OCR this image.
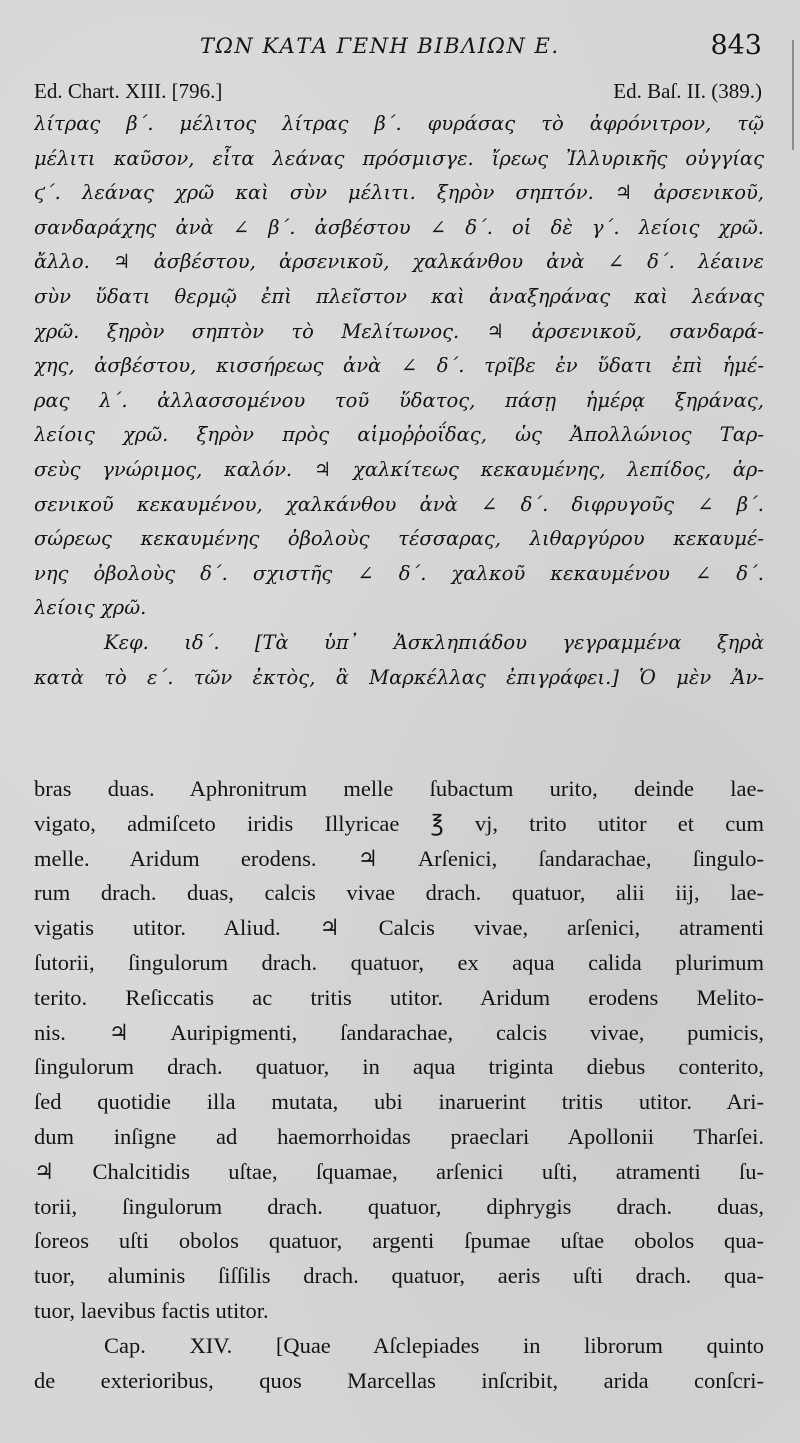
ΤΩΝ ΚΑΤΑ ΓΕΝΗ ΒΙΒΛΙΩΝ Ε.	843
Ed. Chart. XIII. [796.]	Ed. Baſ. II. (389.)
λίτρας β΄. μέλιτος λίτρας β΄. φυράσας τὸ ἀφρόνιτρον, τῷ
μέλιτι καῦσον, εἶτα λεάνας πρόσμισγε. ἴρεως Ἰλλυρικῆς οὐγγίας
ϛ΄. λεάνας χρῶ καὶ σὺν μέλιτι. ξηρὸν σηπτόν. ♃ ἀρσενικοῦ,
σανδαράχης ἀνὰ ∠ β΄. ἀσβέστου ∠ δ΄. οἱ δὲ γ΄. λείοις χρῶ.
ἄλλο. ♃ ἀσβέστου, ἀρσενικοῦ, χαλκάνθου ἀνὰ ∠ δ΄. λέαινε
σὺν ὕδατι θερμῷ ἐπὶ πλεῖστον καὶ ἀναξηράνας καὶ λεάνας
χρῶ. ξηρὸν σηπτὸν τὸ Μελίτωνος. ♃ ἀρσενικοῦ, σανδαρά-
χης, ἀσβέστου, κισσήρεως ἀνὰ ∠ δ΄. τρῖβε ἐν ὕδατι ἐπὶ ἡμέ-
ρας λ΄. ἀλλασσομένου τοῦ ὕδατος, πάσῃ ἡμέρᾳ ξηράνας,
λείοις χρῶ. ξηρὸν πρὸς αἱμοῤῥοΐδας, ὡς Ἀπολλώνιος Ταρ-
σεὺς γνώριμος, καλόν. ♃ χαλκίτεως κεκαυμένης, λεπίδος, ἀρ-
σενικοῦ κεκαυμένου, χαλκάνθου ἀνὰ ∠ δ΄. διφρυγοῦς ∠ β΄.
σώρεως κεκαυμένης ὀβολοὺς τέσσαρας, λιθαργύρου κεκαυμέ-
νης ὀβολοὺς δ΄. σχιστῆς ∠ δ΄. χαλκοῦ κεκαυμένου ∠ δ΄.
λείοις χρῶ.
Κεφ. ιδ΄. [Τὰ ὑπ᾽ Ἀσκληπιάδου γεγραμμένα ξηρὰ
κατὰ τὸ ε΄. τῶν ἐκτὸς, ἃ Μαρκέλλας ἐπιγράφει.] Ὁ μὲν Ἀν-
bras duas. Aphronitrum melle ſubactum urito, deinde lae-
vigato, admiſceto iridis Illyricae ℥ vj, trito utitor et cum
melle. Aridum erodens. ♃ Arſenici, ſandarachae, ſingulo-
rum drach. duas, calcis vivae drach. quatuor, alii iij, lae-
vigatis utitor. Aliud. ♃ Calcis vivae, arſenici, atramenti
ſutorii, ſingulorum drach. quatuor, ex aqua calida plurimum
terito. Reſiccatis ac tritis utitor. Aridum erodens Melito-
nis. ♃ Auripigmenti, ſandarachae, calcis vivae, pumicis,
ſingulorum drach. quatuor, in aqua triginta diebus conterito,
ſed quotidie illa mutata, ubi inaruerint tritis utitor. Ari-
dum inſigne ad haemorrhoidas praeclari Apollonii Tharſei.
♃ Chalcitidis uſtae, ſquamae, arſenici uſti, atramenti ſu-
torii, ſingulorum drach. quatuor, diphrygis drach. duas,
ſoreos uſti obolos quatuor, argenti ſpumae uſtae obolos qua-
tuor, aluminis ſiſſilis drach. quatuor, aeris uſti drach. qua-
tuor, laevibus factis utitor.
Cap. XIV. [Quae Aſclepiades in librorum quinto
de exterioribus, quos Marcellas inſcribit, arida conſcri-
